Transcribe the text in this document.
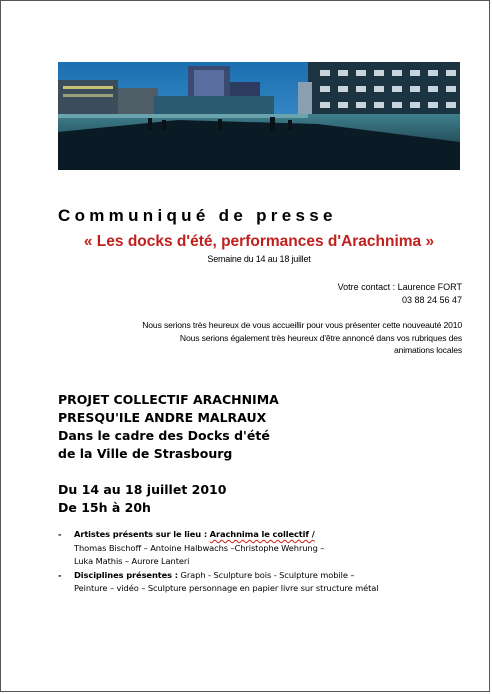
Communiqué de presse
« Les docks d'été, performances d'Arachnima »
Semaine du 14 au 18 juillet
Votre contact : Laurence FORT
03 88 24 56 47
Nous serions très heureux de vous accueillir pour vous présenter cette nouveauté 2010
Nous serions également très heureux d'être annoncé dans vos rubriques des
animations locales
PROJET COLLECTIF ARACHNIMA
PRESQU'ILE ANDRE MALRAUX
Dans le cadre des Docks d'été
de la Ville de Strasbourg
Du 14 au 18 juillet 2010
De 15h à 20h
- Artistes présents sur le lieu : Arachnima le collectif /
Thomas Bischoff – Antoine Halbwachs –Christophe Wehrung –
Luka Mathis – Aurore Lanteri
- Disciplines présentes : Graph - Sculpture bois - Sculpture mobile –
Peinture – vidéo – Sculpture personnage en papier livre sur structure métal
